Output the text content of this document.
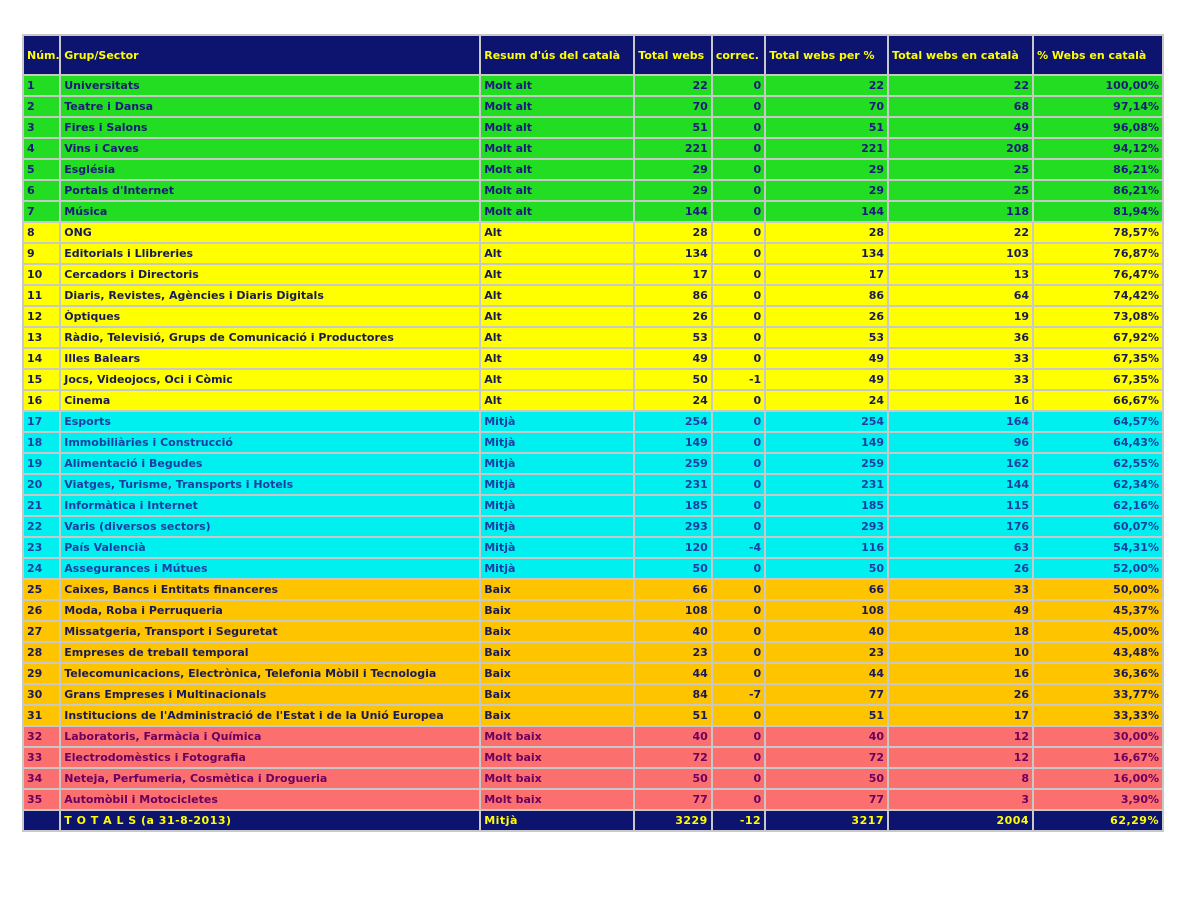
Núm.	Grup/Sector	Resum d'ús del català	Total webs	correc.	Total webs per %	Total webs en català	% Webs en català
1	Universitats	Molt alt	22	0	22	22	100,00%
2	Teatre i Dansa	Molt alt	70	0	70	68	97,14%
3	Fires i Salons	Molt alt	51	0	51	49	96,08%
4	Vins i Caves	Molt alt	221	0	221	208	94,12%
5	Església	Molt alt	29	0	29	25	86,21%
6	Portals d'Internet	Molt alt	29	0	29	25	86,21%
7	Música	Molt alt	144	0	144	118	81,94%
8	ONG	Alt	28	0	28	22	78,57%
9	Editorials i Llibreries	Alt	134	0	134	103	76,87%
10	Cercadors i Directoris	Alt	17	0	17	13	76,47%
11	Diaris, Revistes, Agències i Diaris Digitals	Alt	86	0	86	64	74,42%
12	Òptiques	Alt	26	0	26	19	73,08%
13	Ràdio, Televisió, Grups de Comunicació i Productores	Alt	53	0	53	36	67,92%
14	Illes Balears	Alt	49	0	49	33	67,35%
15	Jocs, Videojocs, Oci i Còmic	Alt	50	-1	49	33	67,35%
16	Cinema	Alt	24	0	24	16	66,67%
17	Esports	Mitjà	254	0	254	164	64,57%
18	Immobiliàries i Construcció	Mitjà	149	0	149	96	64,43%
19	Alimentació i Begudes	Mitjà	259	0	259	162	62,55%
20	Viatges, Turisme, Transports i Hotels	Mitjà	231	0	231	144	62,34%
21	Informàtica i Internet	Mitjà	185	0	185	115	62,16%
22	Varis (diversos sectors)	Mitjà	293	0	293	176	60,07%
23	País Valencià	Mitjà	120	-4	116	63	54,31%
24	Assegurances i Mútues	Mitjà	50	0	50	26	52,00%
25	Caixes, Bancs i Entitats financeres	Baix	66	0	66	33	50,00%
26	Moda, Roba i Perruqueria	Baix	108	0	108	49	45,37%
27	Missatgeria, Transport i Seguretat	Baix	40	0	40	18	45,00%
28	Empreses de treball temporal	Baix	23	0	23	10	43,48%
29	Telecomunicacions, Electrònica, Telefonia Mòbil i Tecnologia	Baix	44	0	44	16	36,36%
30	Grans Empreses i Multinacionals	Baix	84	-7	77	26	33,77%
31	Institucions de l'Administració de l'Estat i de la Unió Europea	Baix	51	0	51	17	33,33%
32	Laboratoris, Farmàcia i Química	Molt baix	40	0	40	12	30,00%
33	Electrodomèstics i Fotografia	Molt baix	72	0	72	12	16,67%
34	Neteja, Perfumeria, Cosmètica i Drogueria	Molt baix	50	0	50	8	16,00%
35	Automòbil i Motocicletes	Molt baix	77	0	77	3	3,90%
	T O T A L S (a 31-8-2013)	Mitjà	3229	-12	3217	2004	62,29%
